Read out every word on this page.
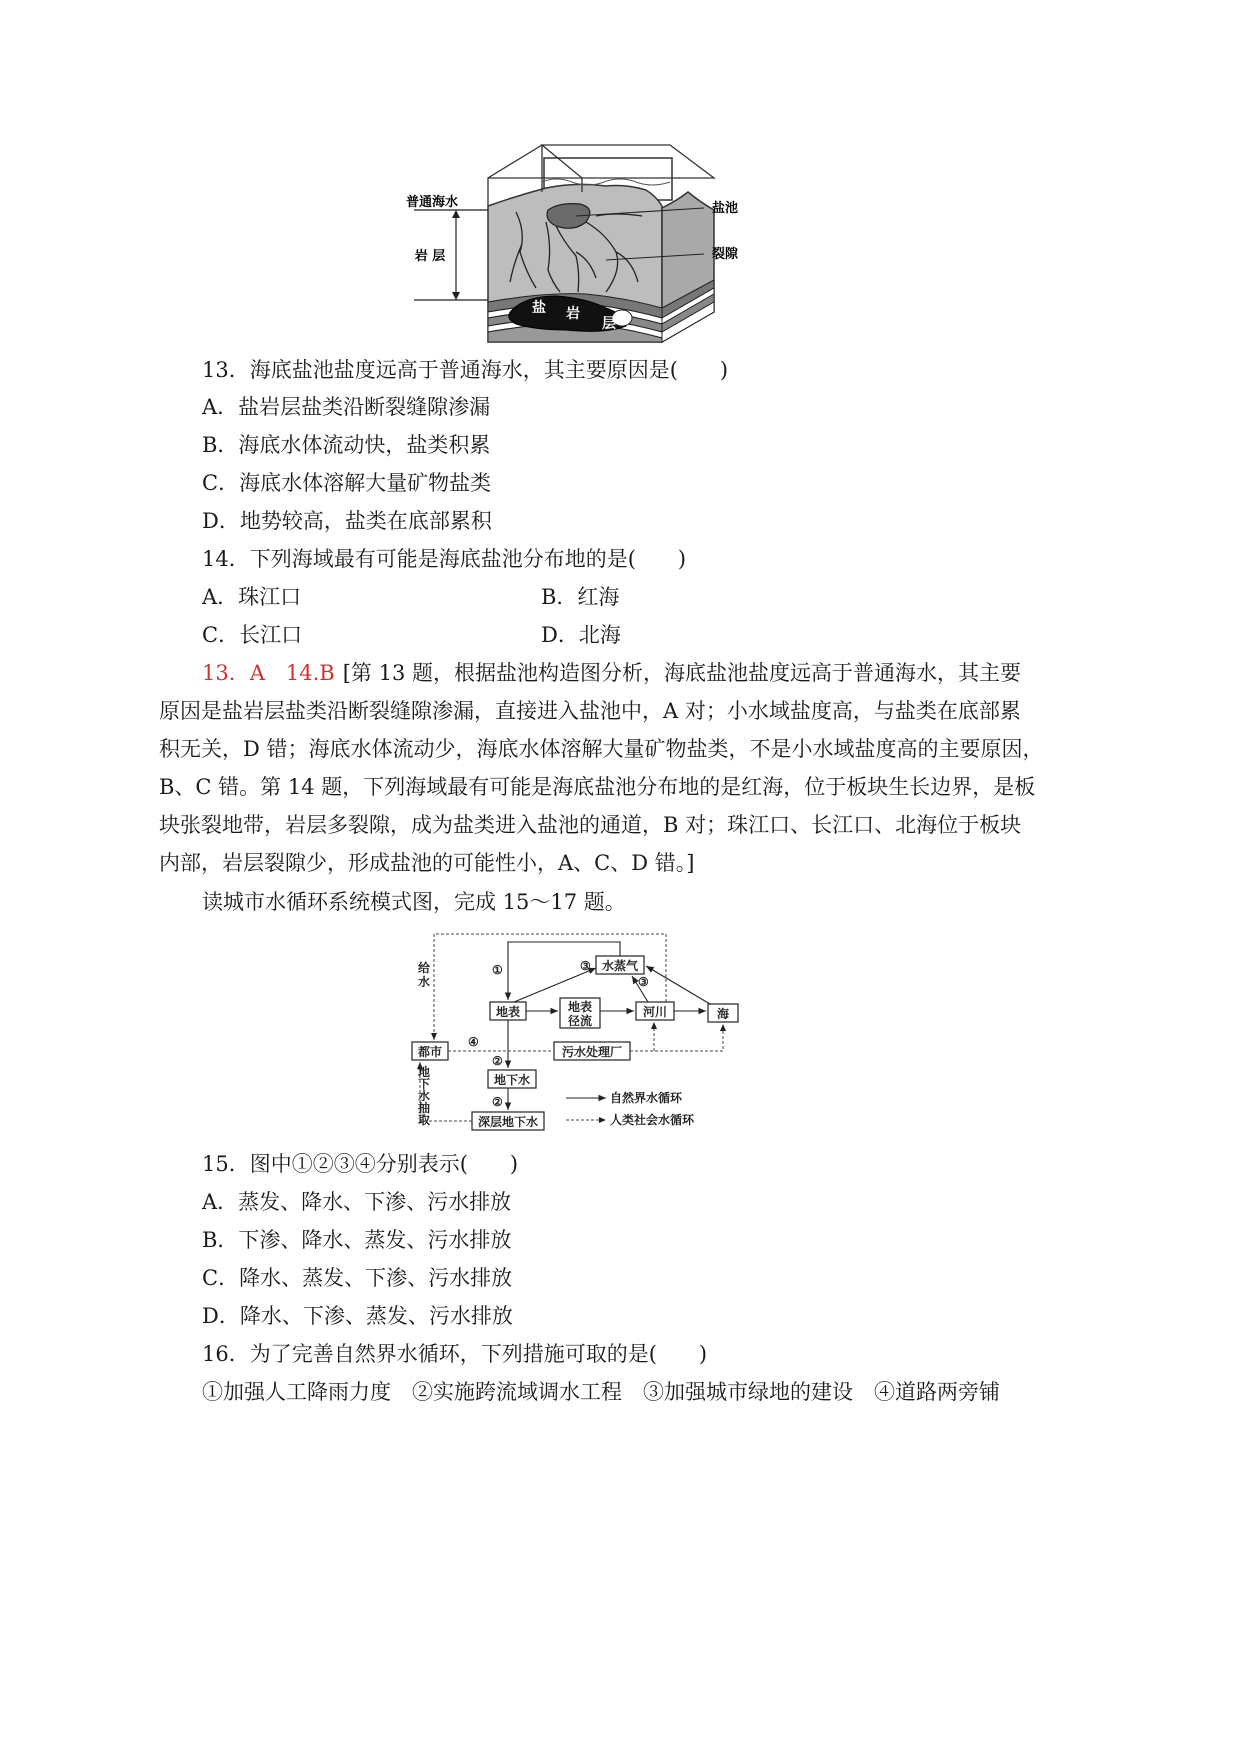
普通海水
岩 层
盐池
裂隙
盐 岩
层
13．海底盐池盐度远高于普通海水，其主要原因是(　　)
A．盐岩层盐类沿断裂缝隙渗漏
B．海底水体流动快，盐类积累
C．海底水体溶解大量矿物盐类
D．地势较高，盐类在底部累积
14．下列海域最有可能是海底盐池分布地的是(　　)
A．珠江口	B．红海
C．长江口	D．北海
13．A　14.B [第 13 题，根据盐池构造图分析，海底盐池盐度远高于普通海水，其主要
原因是盐岩层盐类沿断裂缝隙渗漏，直接进入盐池中，A 对；小水域盐度高，与盐类在底部累
积无关，D 错；海底水体流动少，海底水体溶解大量矿物盐类，不是小水域盐度高的主要原因，
B、C 错。第 14 题，下列海域最有可能是海底盐池分布地的是红海，位于板块生长边界，是板
块张裂地带，岩层多裂隙，成为盐类进入盐池的通道，B 对；珠江口、长江口、北海位于板块
内部，岩层裂隙少，形成盐池的可能性小，A、C、D 错。]
读城市水循环系统模式图，完成 15～17 题。
水蒸气
地表	地表
径流
河川	海
都市	污水处理厂
地下水
深层地下水
①
②
②
③
③
④
给
水
地
下
水
抽
取
自然界水循环
人类社会水循环
15．图中①②③④分别表示(　　)
A．蒸发、降水、下渗、污水排放
B．下渗、降水、蒸发、污水排放
C．降水、蒸发、下渗、污水排放
D．降水、下渗、蒸发、污水排放
16．为了完善自然界水循环，下列措施可取的是(　　)
①加强人工降雨力度　②实施跨流域调水工程　③加强城市绿地的建设　④道路两旁铺
